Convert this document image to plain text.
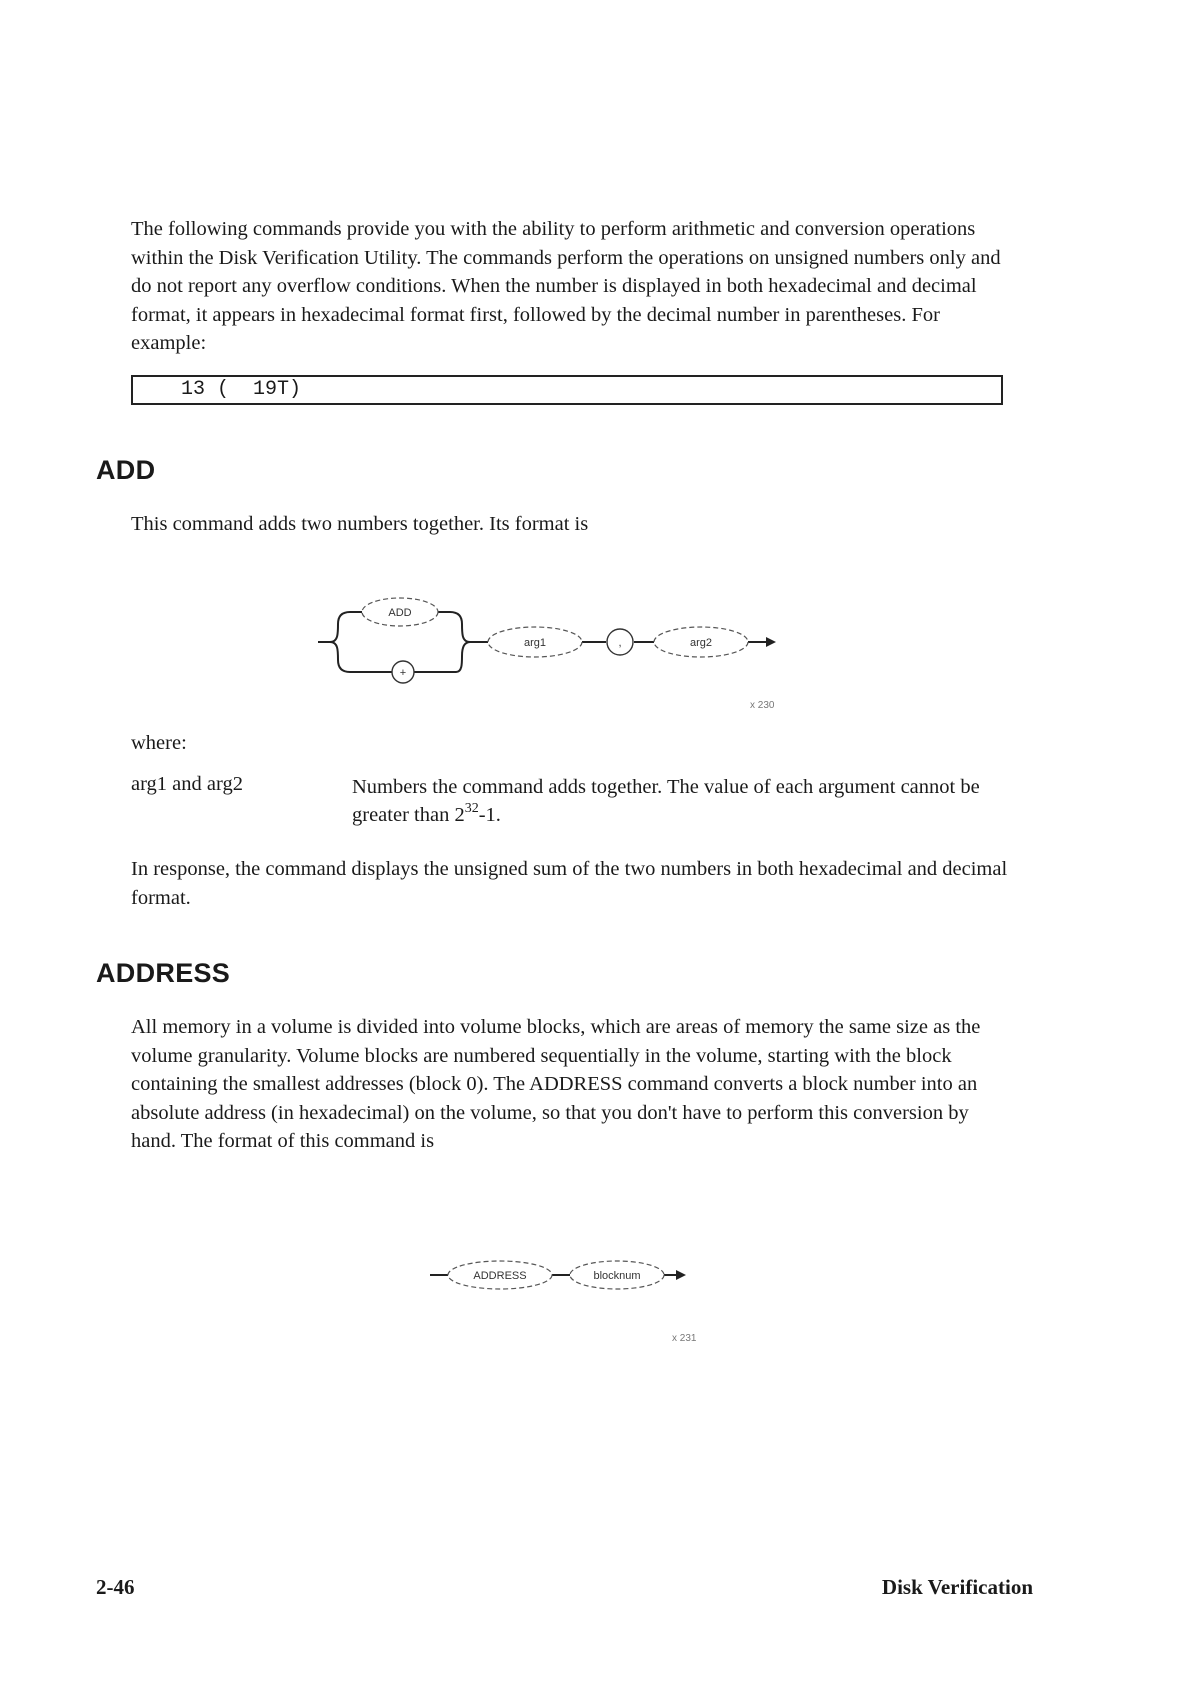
The following commands provide you with the ability to perform arithmetic and conversion operations within the Disk Verification Utility. The commands perform the operations on unsigned numbers only and do not report any overflow conditions. When the number is displayed in both hexadecimal and decimal format, it appears in hexadecimal format first, followed by the decimal number in parentheses. For example:

13 (  19T)
ADD

This command adds two numbers together. Its format is

ADD
+
arg1	,	arg2
x 230
where:
arg1 and arg2	Numbers the command adds together. The value of each argument cannot be greater than $2^{32}-1$.

In response, the command displays the unsigned sum of the two numbers in both hexadecimal and decimal format.

ADDRESS

All memory in a volume is divided into volume blocks, which are areas of memory the same size as the volume granularity. Volume blocks are numbered sequentially in the volume, starting with the block containing the smallest addresses (block 0). The ADDRESS command converts a block number into an absolute address (in hexadecimal) on the volume, so that you don't have to perform this conversion by hand. The format of this command is

ADDRESS	blocknum
x 231
2-46	Disk Verification
